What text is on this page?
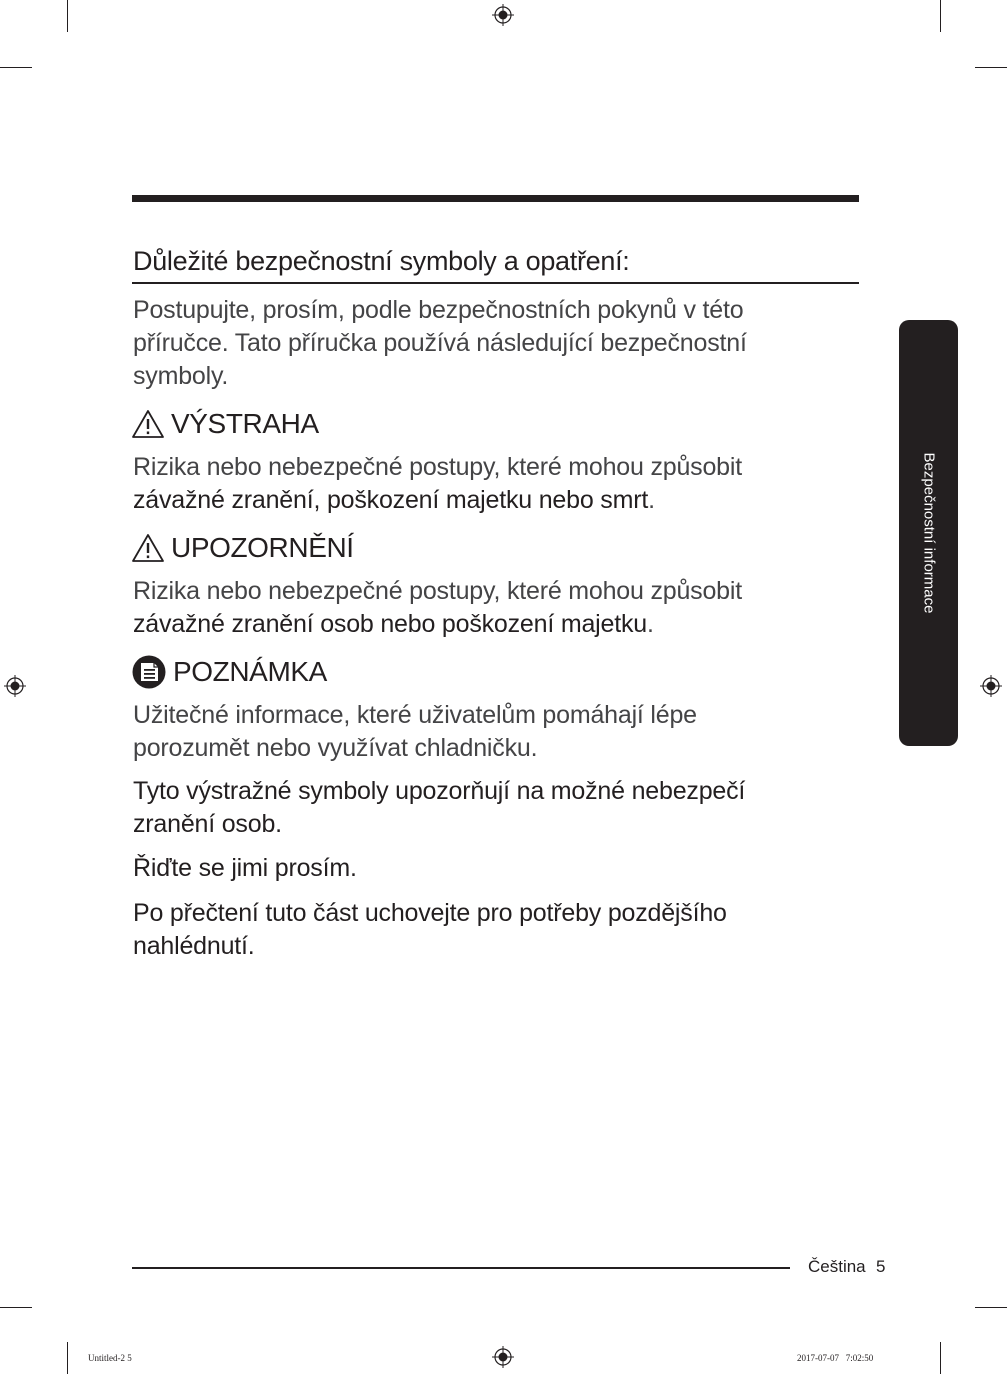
Důležité bezpečnostní symboly a opatření:
Postupujte, prosím, podle bezpečnostních pokynů v této
příručce. Tato příručka používá následující bezpečnostní
symboly.
VÝSTRAHA
Rizika nebo nebezpečné postupy, které mohou způsobit
závažné zranění, poškození majetku nebo smrt.
UPOZORNĚNÍ
Rizika nebo nebezpečné postupy, které mohou způsobit
závažné zranění osob nebo poškození majetku.
POZNÁMKA
Užitečné informace, které uživatelům pomáhají lépe
porozumět nebo využívat chladničku.
Tyto výstražné symboly upozorňují na možné nebezpečí
zranění osob.
Řiďte se jimi prosím.
Po přečtení tuto část uchovejte pro potřeby pozdějšího
nahlédnutí.
Bezpečnostní informace
Čeština 5
Untitled-2 5	2017-07-07   7:02:50
